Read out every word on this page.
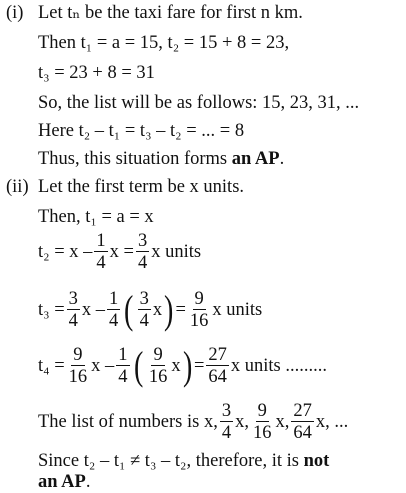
(i) Let tₙ be the taxi fare for first n km.
Then t₁ = a = 15, t₂ = 15 + 8 = 23,
t₃ = 23 + 8 = 31
So, the list will be as follows: 15, 23, 31, ...
Here t₂ – t₁ = t₃ – t₂ = ... = 8
Thus, this situation forms an AP .
(ii) Let the first term be x units.
Then, t₁ = a = x
$t_2 = x - \frac{1}{4}$ $x = \frac{3}{4}$ x units
$t_3 = \frac{3}{4}$ x – $\frac{1}{4}$ ( $\frac{3}{4}$ x ) = $\frac{9}{16}$ x units
$t_4 = \frac{9}{16}$ x – $\frac{1}{4}$ ( $\frac{9}{16}$ x ) = $\frac{27}{64}$ x units .........
The list of numbers is x, $\frac{3}{4} x$, $\frac{9}{16} x$, $\frac{27}{64} x$, ...
Since t₂ – t₁ ≠ t₃ – t₂, therefore, it is not
an AP .
